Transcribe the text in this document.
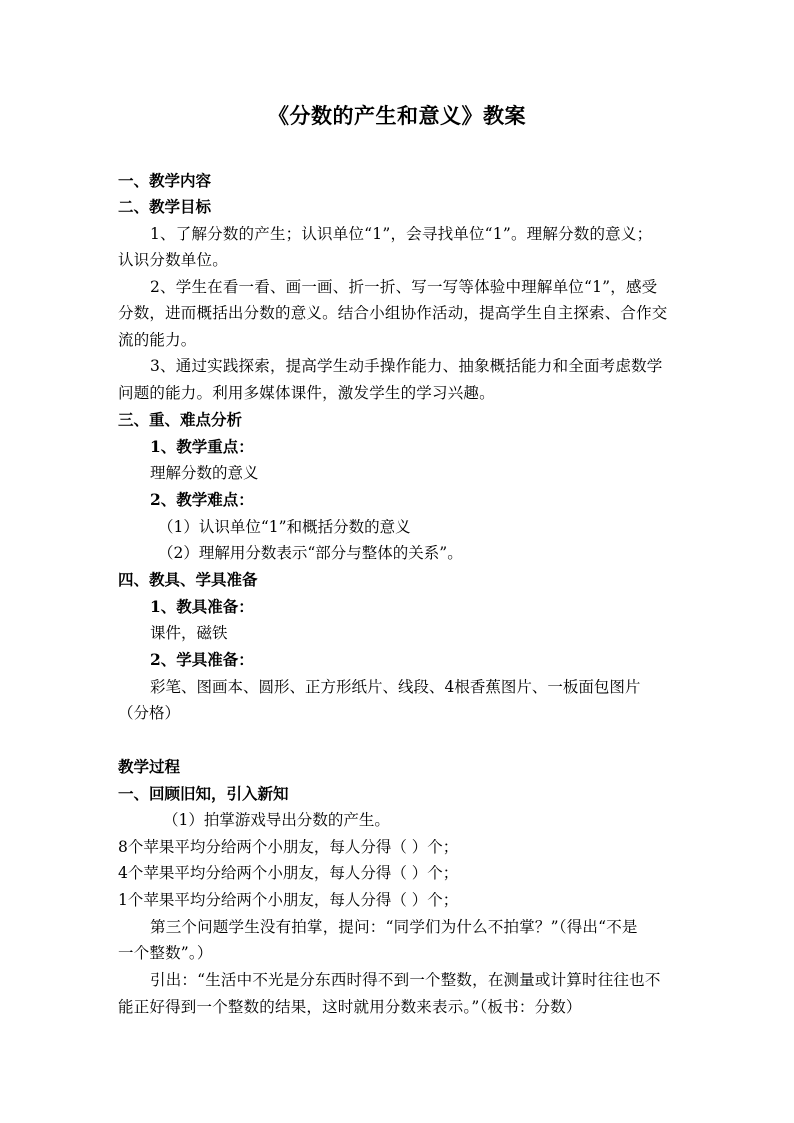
《分数的产生和意义》教案
一、教学内容
二、教学目标
1、了解分数的产生；认识单位“1”，会寻找单位“1”。理解分数的意义；
认识分数单位。
2、学生在看一看、画一画、折一折、写一写等体验中理解单位“1”，感受
分数，进而概括出分数的意义。结合小组协作活动，提高学生自主探索、合作交
流的能力。
3、通过实践探索，提高学生动手操作能力、抽象概括能力和全面考虑数学
问题的能力。利用多媒体课件，激发学生的学习兴趣。
三、重、难点分析
1、教学重点：
理解分数的意义
2、教学难点：
（1）认识单位“1”和概括分数的意义
（2）理解用分数表示“部分与整体的关系”。
四、教具、学具准备
1、教具准备：
课件，磁铁
2、学具准备：
彩笔、图画本、圆形、正方形纸片、线段、4根香蕉图片、一板面包图片
（分格）
教学过程
一、回顾旧知，引入新知
（1）拍掌游戏导出分数的产生。
8个苹果平均分给两个小朋友，每人分得（ ）个；
4个苹果平均分给两个小朋友，每人分得（ ）个；
1个苹果平均分给两个小朋友，每人分得（ ）个；
第三个问题学生没有拍掌，提问：“同学们为什么不拍掌？”（得出“不是
一个整数”。）
引出：“生活中不光是分东西时得不到一个整数，在测量或计算时往往也不
能正好得到一个整数的结果，这时就用分数来表示。”（板书：分数）
